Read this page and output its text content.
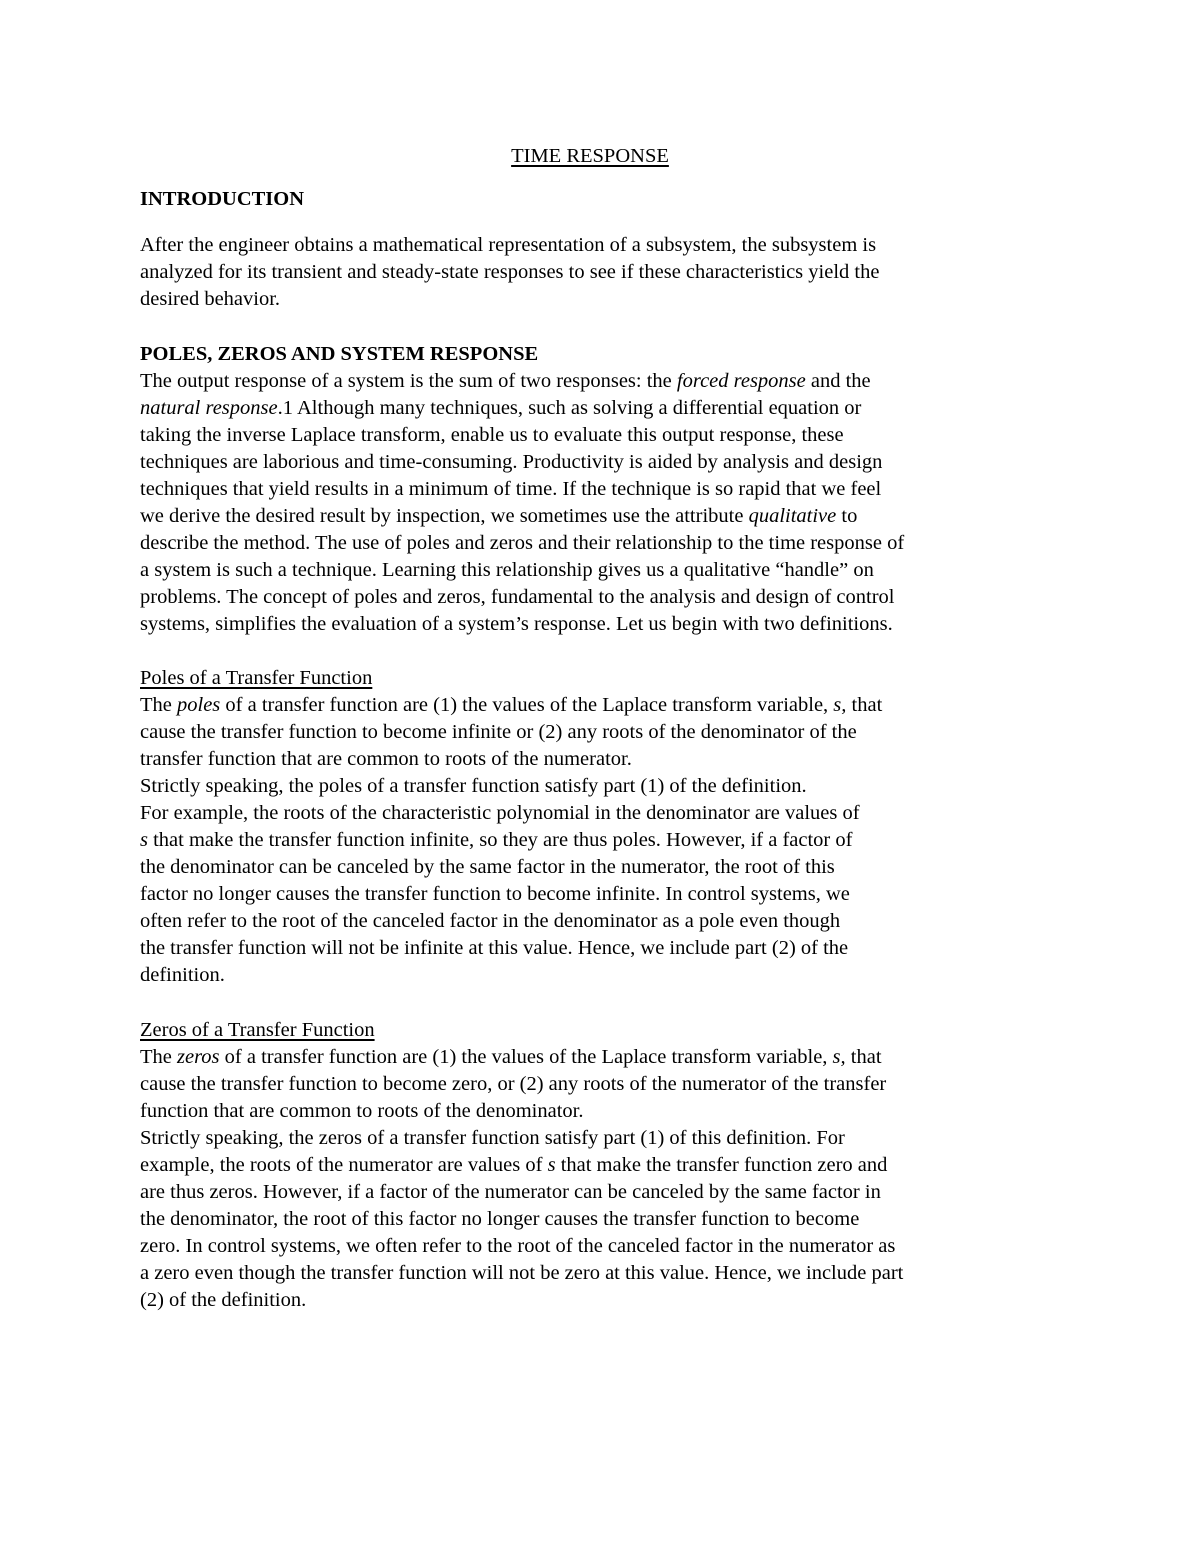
TIME RESPONSE
INTRODUCTION
After the engineer obtains a mathematical representation of a subsystem, the subsystem is
analyzed for its transient and steady-state responses to see if these characteristics yield the
desired behavior.
POLES, ZEROS AND SYSTEM RESPONSE
The output response of a system is the sum of two responses: the forced response and the
natural response.1 Although many techniques, such as solving a differential equation or
taking the inverse Laplace transform, enable us to evaluate this output response, these
techniques are laborious and time-consuming. Productivity is aided by analysis and design
techniques that yield results in a minimum of time. If the technique is so rapid that we feel
we derive the desired result by inspection, we sometimes use the attribute qualitative to
describe the method. The use of poles and zeros and their relationship to the time response of
a system is such a technique. Learning this relationship gives us a qualitative “handle” on
problems. The concept of poles and zeros, fundamental to the analysis and design of control
systems, simplifies the evaluation of a system’s response. Let us begin with two definitions.
Poles of a Transfer Function
The poles of a transfer function are (1) the values of the Laplace transform variable, s, that
cause the transfer function to become infinite or (2) any roots of the denominator of the
transfer function that are common to roots of the numerator.
Strictly speaking, the poles of a transfer function satisfy part (1) of the definition.
For example, the roots of the characteristic polynomial in the denominator are values of
s that make the transfer function infinite, so they are thus poles. However, if a factor of
the denominator can be canceled by the same factor in the numerator, the root of this
factor no longer causes the transfer function to become infinite. In control systems, we
often refer to the root of the canceled factor in the denominator as a pole even though
the transfer function will not be infinite at this value. Hence, we include part (2) of the
definition.
Zeros of a Transfer Function
The zeros of a transfer function are (1) the values of the Laplace transform variable, s, that
cause the transfer function to become zero, or (2) any roots of the numerator of the transfer
function that are common to roots of the denominator.
Strictly speaking, the zeros of a transfer function satisfy part (1) of this definition. For
example, the roots of the numerator are values of s that make the transfer function zero and
are thus zeros. However, if a factor of the numerator can be canceled by the same factor in
the denominator, the root of this factor no longer causes the transfer function to become
zero. In control systems, we often refer to the root of the canceled factor in the numerator as
a zero even though the transfer function will not be zero at this value. Hence, we include part
(2) of the definition.
